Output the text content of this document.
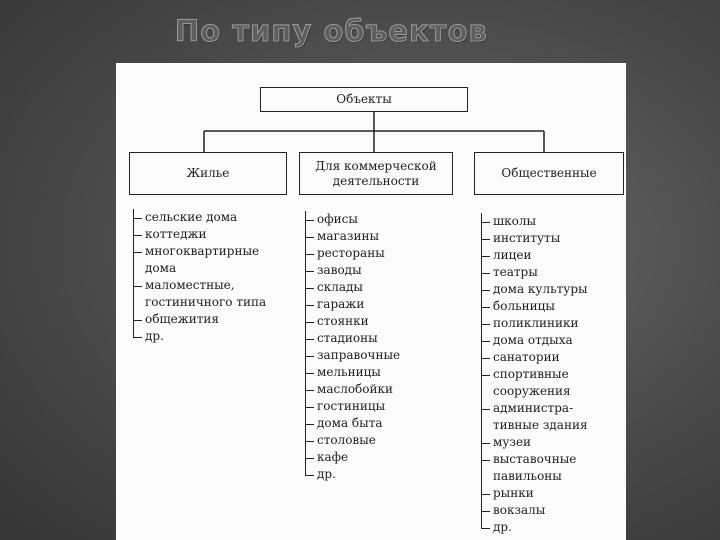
По типу объектов
Объекты
Жилье
Для коммерческой деятельности
Общественные
сельские дома
коттеджи
многоквартирные
дома
маломестные,
гостиничного типа
общежития
др.
офисы
магазины
рестораны
заводы
склады
гаражи
стоянки
стадионы
заправочные
мельницы
маслобойки
гостиницы
дома быта
столовые
кафе
др.
школы
институты
лицеи
театры
дома культуры
больницы
поликлиники
дома отдыха
санатории
спортивные
сооружения
администра-
тивные здания
музеи
выставочные
павильоны
рынки
вокзалы
др.
